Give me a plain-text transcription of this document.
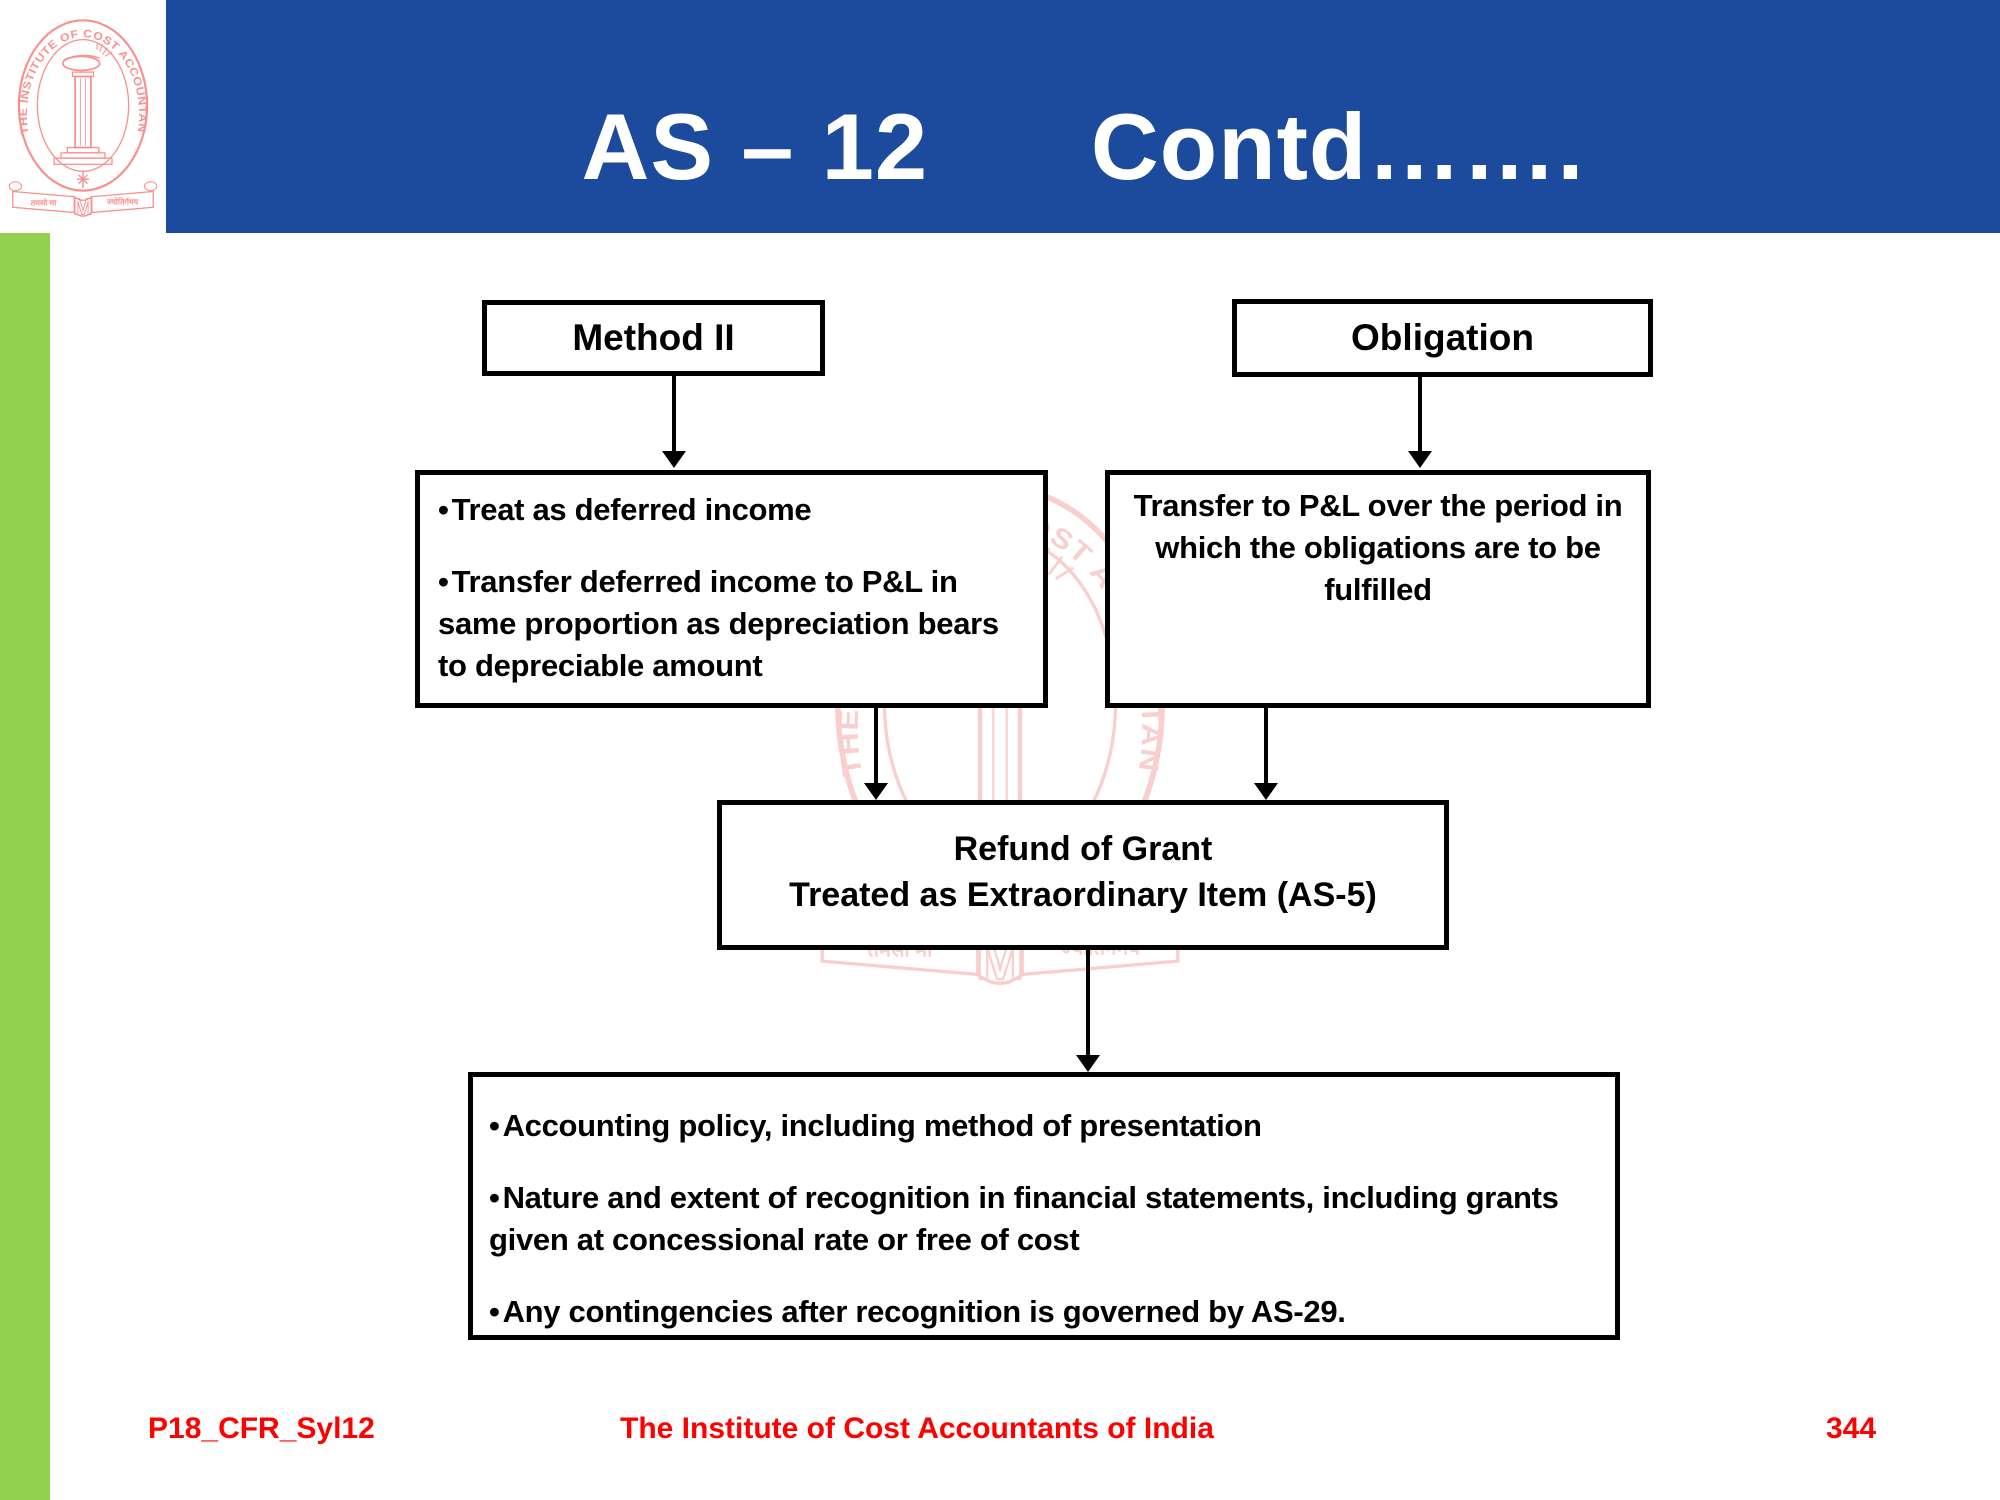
AS – 12      Contd…….
Method II	Obligation
•Treat as deferred income
•Transfer deferred income to P&L in same proportion as depreciation bears to depreciable amount
Transfer to P&L over the period in which the obligations are to be fulfilled
Refund of Grant
Treated as Extraordinary Item (AS-5)
•Accounting policy, including method of presentation
•Nature and extent of recognition in financial statements, including grants given at concessional rate or free of cost
•Any contingencies after recognition is governed by AS-29.
P18_CFR_Syl12	The Institute of Cost Accountants of India	344
